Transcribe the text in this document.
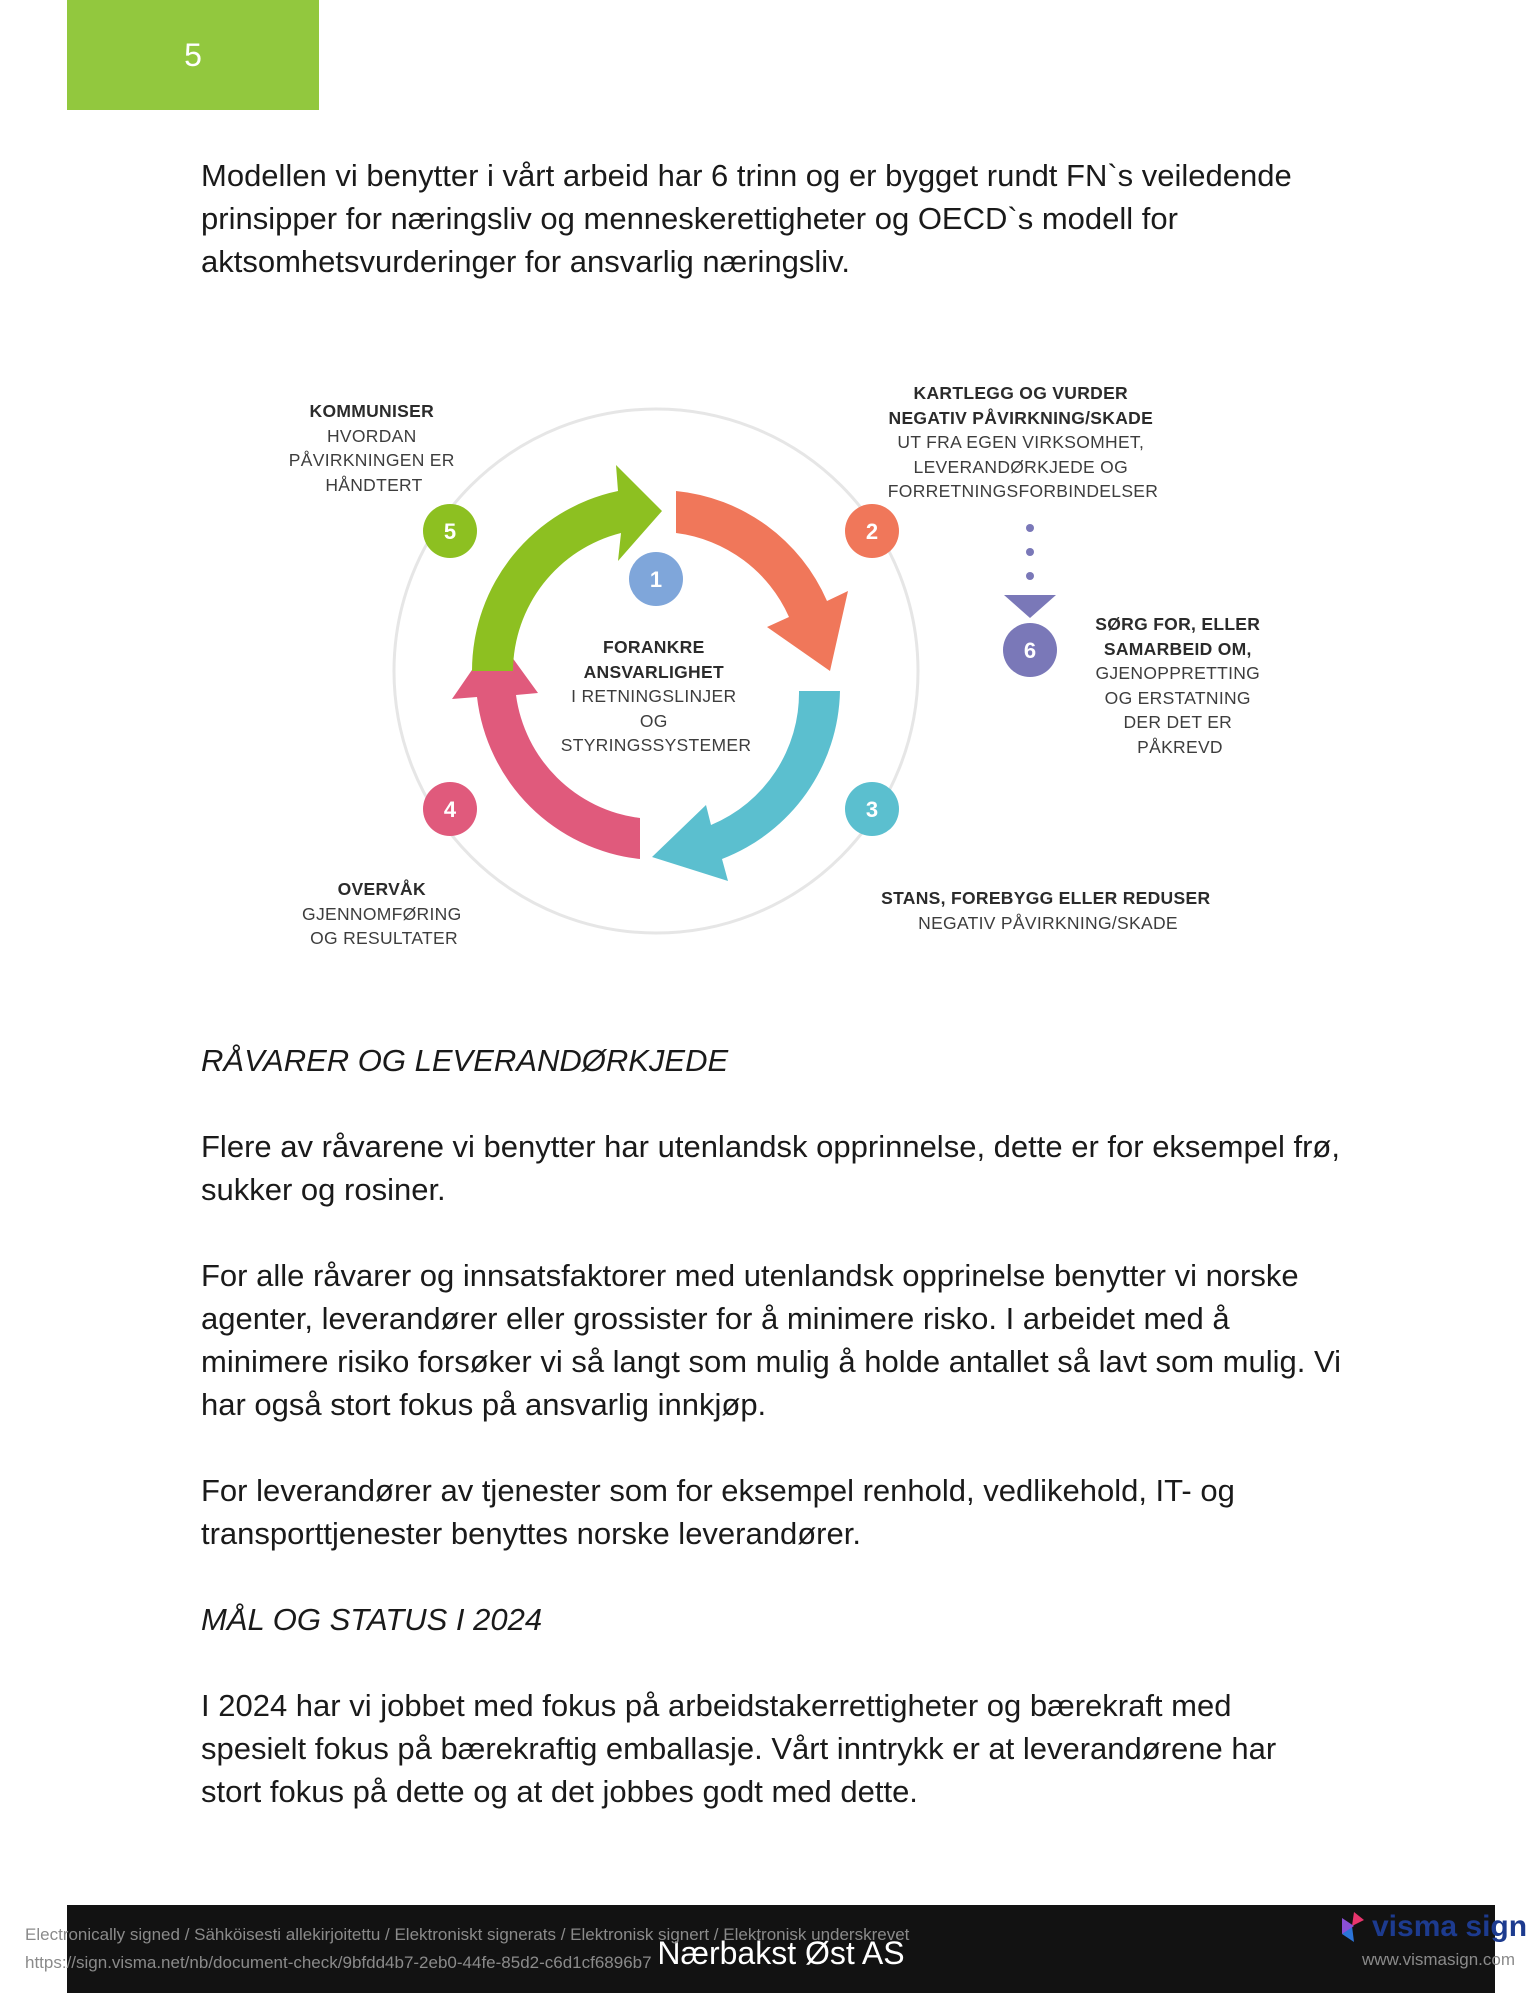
5

Modellen vi benytter i vårt arbeid har 6 trinn og er bygget rundt FN`s veiledende prinsipper for næringsliv og menneskerettigheter og OECD`s modell for aktsomhetsvurderinger for ansvarlig næringsliv.

1
2
3
4
5
6
FORANKRE ANSVARLIGHET I RETNINGSLINJER OG STYRINGSSYSTEMER
KARTLEGG OG VURDER NEGATIV PÅVIRKNING/SKADE UT FRA EGEN VIRKSOMHET, LEVERANDØRKJEDE OG FORRETNINGSFORBINDELSER
STANS, FOREBYGG ELLER REDUSER NEGATIV PÅVIRKNING/SKADE
OVERVÅK GJENNOMFØRING OG RESULTATER
KOMMUNISER HVORDAN PÅVIRKNINGEN ER HÅNDTERT
SØRG FOR, ELLER SAMARBEID OM, GJENOPPRETTING OG ERSTATNING DER DET ER PÅKREVD

RÅVARER OG LEVERANDØRKJEDE

Flere av råvarene vi benytter har utenlandsk opprinnelse, dette er for eksempel frø, sukker og rosiner.

For alle råvarer og innsatsfaktorer med utenlandsk opprinelse benytter vi norske agenter, leverandører eller grossister for å minimere risko. I arbeidet med å minimere risiko forsøker vi så langt som mulig å holde antallet så lavt som mulig. Vi har også stort fokus på ansvarlig innkjøp.

For leverandører av tjenester som for eksempel renhold, vedlikehold, IT- og transporttjenester benyttes norske leverandører.

MÅL OG STATUS I 2024

I 2024 har vi jobbet med fokus på arbeidstakerrettigheter og bærekraft med spesielt fokus på bærekraftig emballasje. Vårt inntrykk er at leverandørene har stort fokus på dette og at det jobbes godt med dette.

Nærbakst Øst AS
Electronically signed / Sähköisesti allekirjoitettu / Elektroniskt signerats / Elektronisk signert / Elektronisk underskrevet
https://sign.visma.net/nb/document-check/9bfdd4b7-2eb0-44fe-85d2-c6d1cf6896b7
visma sign
www.vismasign.com
